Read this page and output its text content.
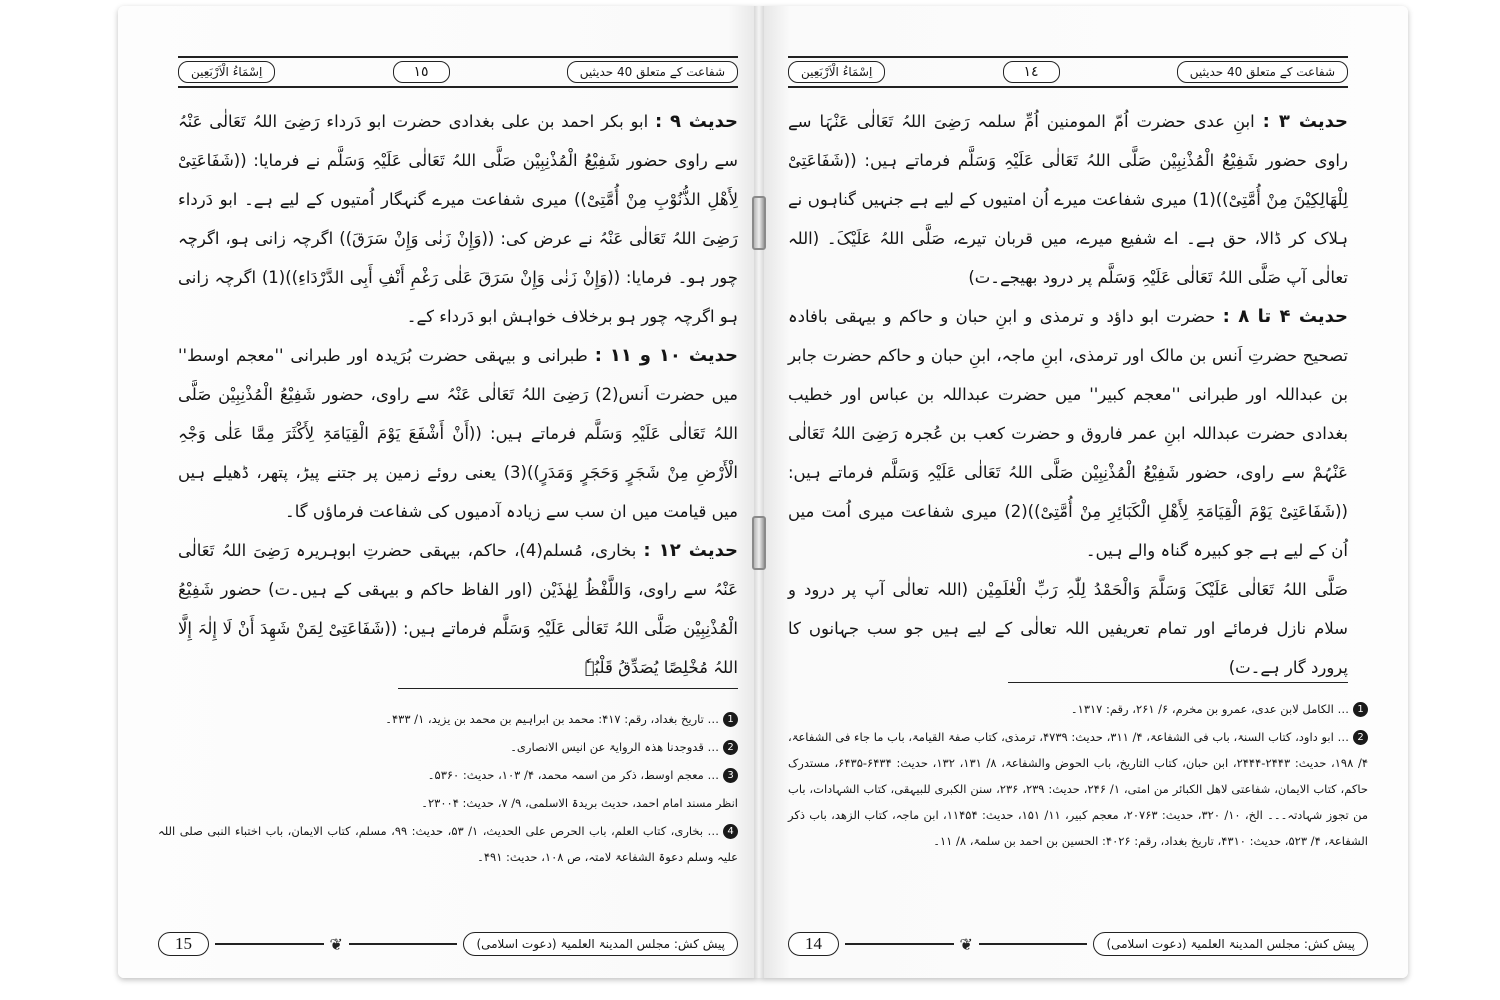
شفاعت کے متعلق 40 حدیثیں
١٥
اِسْمَاءُ الْاَرْبَعِین

حدیث ۹ : ابو بکر احمد بن علی بغدادی حضرت ابو دَرداء رَضِیَ اللہُ تَعَالٰی عَنْہُ سے راوی حضور شَفِیْعُ الْمُذْنِبِیْن صَلَّی اللہُ تَعَالٰی عَلَیْہِ وَسَلَّم نے فرمایا: ((شَفَاعَتِیْ لِأَھْلِ الذُّنُوْبِ مِنْ أُمَّتِیْ)) میری شفاعت میرے گنہگار اُمتیوں کے لیے ہے۔ ابو دَرداء رَضِیَ اللہُ تَعَالٰی عَنْہُ نے عرض کی: ((وَإِنْ زَنٰی وَإِنْ سَرَقَ)) اگرچہ زانی ہو، اگرچہ چور ہو۔ فرمایا: ((وَإِنْ زَنٰی وَإِنْ سَرَقَ عَلٰی رَغْمِ أَنْفِ أَبِی الدَّرْدَاءِ))(1) اگرچہ زانی ہو اگرچہ چور ہو برخلاف خواہش ابو دَرداء کے۔

حدیث ۱۰ و ۱۱ : طبرانی و بیہقی حضرت بُرَیدہ اور طبرانی ''معجم اوسط'' میں حضرت اَنس(2) رَضِیَ اللہُ تَعَالٰی عَنْہُ سے راوی، حضور شَفِیْعُ الْمُذْنِبِیْن صَلَّی اللہُ تَعَالٰی عَلَیْہِ وَسَلَّم فرماتے ہیں: ((أَنْ أَشْفَعَ یَوْمَ الْقِیَامَۃِ لِأَکْثَرَ مِمَّا عَلٰی وَجْہِ الْأَرْضِ مِنْ شَجَرٍ وَحَجَرٍ وَمَدَرٍ))(3) یعنی روئے زمین پر جتنے پیڑ، پتھر، ڈھیلے ہیں میں قیامت میں ان سب سے زیادہ آدمیوں کی شفاعت فرماؤں گا۔

حدیث ۱۲ : بخاری، مُسلم(4)، حاکم، بیہقی حضرتِ ابوہریرہ رَضِیَ اللہُ تَعَالٰی عَنْہُ سے راوی، وَاللَّفْظُ لِھٰذَیْن (اور الفاظ حاکم و بیہقی کے ہیں۔ت) حضور شَفِیْعُ الْمُذْنِبِیْن صَلَّی اللہُ تَعَالٰی عَلَیْہِ وَسَلَّم فرماتے ہیں: ((شَفَاعَتِیْ لِمَنْ شَھِدَ أَنْ لَا إِلٰہَ إِلَّا اللہُ مُخْلِصًا یُصَدِّقُ قَلْبُہٗ

1… تاریخ بغداد، رقم: ۴۱۷: محمد بن ابراہیم بن محمد بن یزید، ۱/ ۴۳۳۔
2… قدوجدنا ھذہ الروایۃ عن انیس الانصاری۔
3… معجم اوسط، ذکر من اسمہ محمد، ۴/ ۱۰۳، حدیث: ۵۳۶۰۔
انظر مسند امام احمد، حدیث بریدۃ الاسلمی، ۹/ ۷، حدیث: ۲۳۰۰۴۔
4… بخاری، کتاب العلم، باب الحرص علی الحدیث، ۱/ ۵۳، حدیث: ۹۹، مسلم، کتاب الایمان، باب اختباء النبی صلی اللہ علیہ وسلم دعوۃ الشفاعۃ لامتہ، ص ۱۰۸، حدیث: ۴۹۱۔
15	❦	پیش کش: مجلس المدینۃ العلمیۃ (دعوت اسلامی)
شفاعت کے متعلق 40 حدیثیں
١٤
اِسْمَاءُ الْاَرْبَعِین

حدیث ۳ : ابنِ عدی حضرت اُمّ المومنین اُمِّ سلمہ رَضِیَ اللہُ تَعَالٰی عَنْہَا سے راوی حضور شَفِیْعُ الْمُذْنِبِیْن صَلَّی اللہُ تَعَالٰی عَلَیْہِ وَسَلَّم فرماتے ہیں: ((شَفَاعَتِیْ لِلْھَالِکِیْنَ مِنْ أُمَّتِیْ))(1) میری شفاعت میرے اُن امتیوں کے لیے ہے جنہیں گناہوں نے ہلاک کر ڈالا، حق ہے۔ اے شفیع میرے، میں قربان تیرے، صَلَّی اللہُ عَلَیْکَ۔ (اللہ تعالٰی آپ صَلَّی اللہُ تَعَالٰی عَلَیْہِ وَسَلَّم پر درود بھیجے۔ت)

حدیث ۴ تا ۸ : حضرت ابو داؤد و ترمذی و ابنِ حبان و حاکم و بیہقی بافادہ تصحیح حضرتِ اَنس بن مالک اور ترمذی، ابنِ ماجہ، ابنِ حبان و حاکم حضرت جابر بن عبداللہ اور طبرانی ''معجم کبیر'' میں حضرت عبداللہ بن عباس اور خطیب بغدادی حضرت عبداللہ ابنِ عمر فاروق و حضرت کعب بن عُجرہ رَضِیَ اللہُ تَعَالٰی عَنْہُمْ سے راوی، حضور شَفِیْعُ الْمُذْنِبِیْن صَلَّی اللہُ تَعَالٰی عَلَیْہِ وَسَلَّم فرماتے ہیں: ((شَفَاعَتِیْ یَوْمَ الْقِیَامَۃِ لِأَھْلِ الْکَبَائِرِ مِنْ أُمَّتِیْ))(2) میری شفاعت میری اُمت میں اُن کے لیے ہے جو کبیرہ گناہ والے ہیں۔

صَلَّی اللہُ تَعَالٰی عَلَیْکَ وَسَلَّمَ وَالْحَمْدُ لِلّٰہِ رَبِّ الْعٰلَمِیْن (اللہ تعالٰی آپ پر درود و سلام نازل فرمائے اور تمام تعریفیں اللہ تعالٰی کے لیے ہیں جو سب جہانوں کا پرورد گار ہے۔ت)

1… الکامل لابن عدی، عمرو بن مخرم، ۶/ ۲۶۱، رقم: ۱۳۱۷۔
2… ابو داود، کتاب السنۃ، باب فی الشفاعۃ، ۴/ ۳۱۱، حدیث: ۴۷۳۹، ترمذی، کتاب صفۃ القیامۃ، باب ما جاء فی الشفاعۃ، ۴/ ۱۹۸، حدیث: ۲۴۴۳-۲۴۴۴، ابن حبان، کتاب التاریخ، باب الحوض والشفاعۃ، ۸/ ۱۳۱، ۱۳۲، حدیث: ۶۴۳۴-۶۴۳۵، مستدرک حاکم، کتاب الایمان، شفاعتی لاھل الکبائر من امتی، ۱/ ۲۴۶، حدیث: ۲۳۹، ۲۳۶، سنن الکبری للبیہقی، کتاب الشہادات، باب من تجوز شہادتہ۔۔۔ الخ، ۱۰/ ۳۲۰، حدیث: ۲۰۷۶۳، معجم کبیر، ۱۱/ ۱۵۱، حدیث: ۱۱۴۵۴، ابن ماجہ، کتاب الزھد، باب ذکر الشفاعۃ، ۴/ ۵۲۳، حدیث: ۴۳۱۰، تاریخ بغداد، رقم: ۴۰۲۶: الحسین بن احمد بن سلمۃ، ۸/ ۱۱۔
14	❦	پیش کش: مجلس المدینۃ العلمیۃ (دعوت اسلامی)
